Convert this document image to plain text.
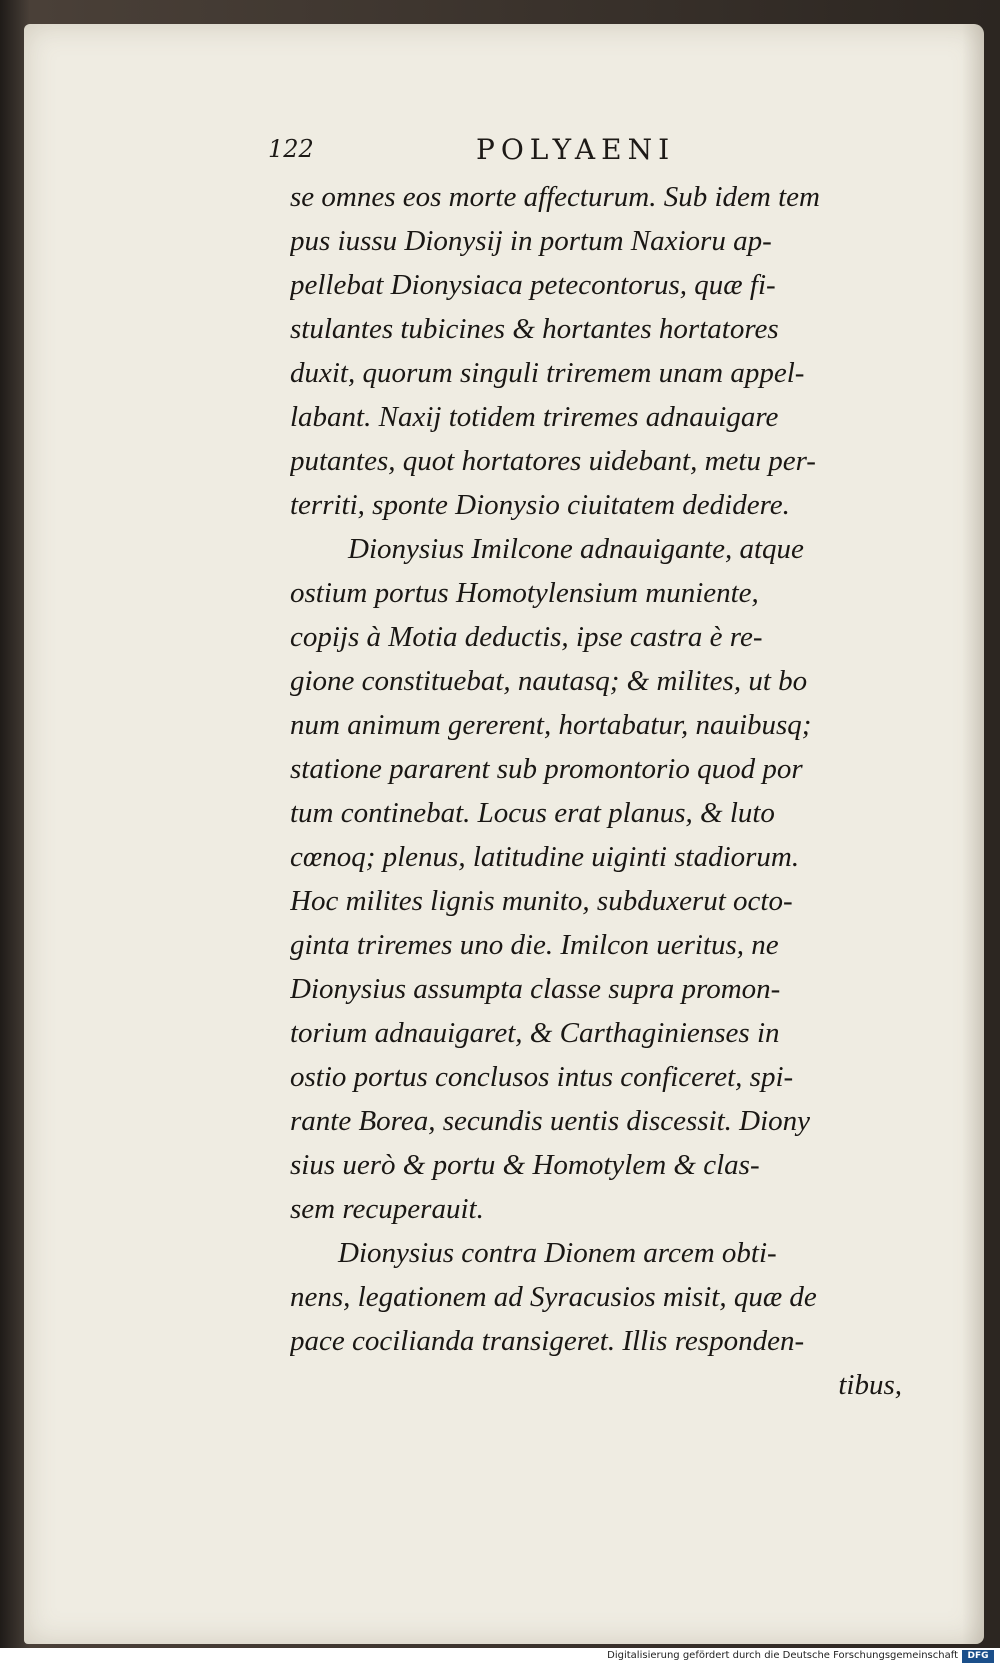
122	POLYAENI
se omnes eos morte affecturum. Sub idem tem
pus iussu Dionysij in portum Naxioru ap-
pellebat Dionysiaca petecontorus, quæ fi-
stulantes tubicines & hortantes hortatores
duxit, quorum singuli triremem unam appel-
labant. Naxij totidem triremes adnauigare
putantes, quot hortatores uidebant, metu per-
territi, sponte Dionysio ciuitatem dedidere.
Dionysius Imilcone adnauigante, atque
ostium portus Homotylensium muniente,
copijs à Motia deductis, ipse castra è re-
gione constituebat, nautasq; & milites, ut bo
num animum gererent, hortabatur, nauibusq;
statione pararent sub promontorio quod por
tum continebat. Locus erat planus, & luto
cœnoq; plenus, latitudine uiginti stadiorum.
Hoc milites lignis munito, subduxerut octo-
ginta triremes uno die. Imilcon ueritus, ne
Dionysius assumpta classe supra promon-
torium adnauigaret, & Carthaginienses in
ostio portus conclusos intus conficeret, spi-
rante Borea, secundis uentis discessit. Diony
sius uerò & portu & Homotylem & clas-
sem recuperauit.
Dionysius contra Dionem arcem obti-
nens, legationem ad Syracusios misit, quæ de
pace cocilianda transigeret. Illis responden-
tibus,
Digitalisierung gefördert durch die Deutsche Forschungsgemeinschaft	DFG
